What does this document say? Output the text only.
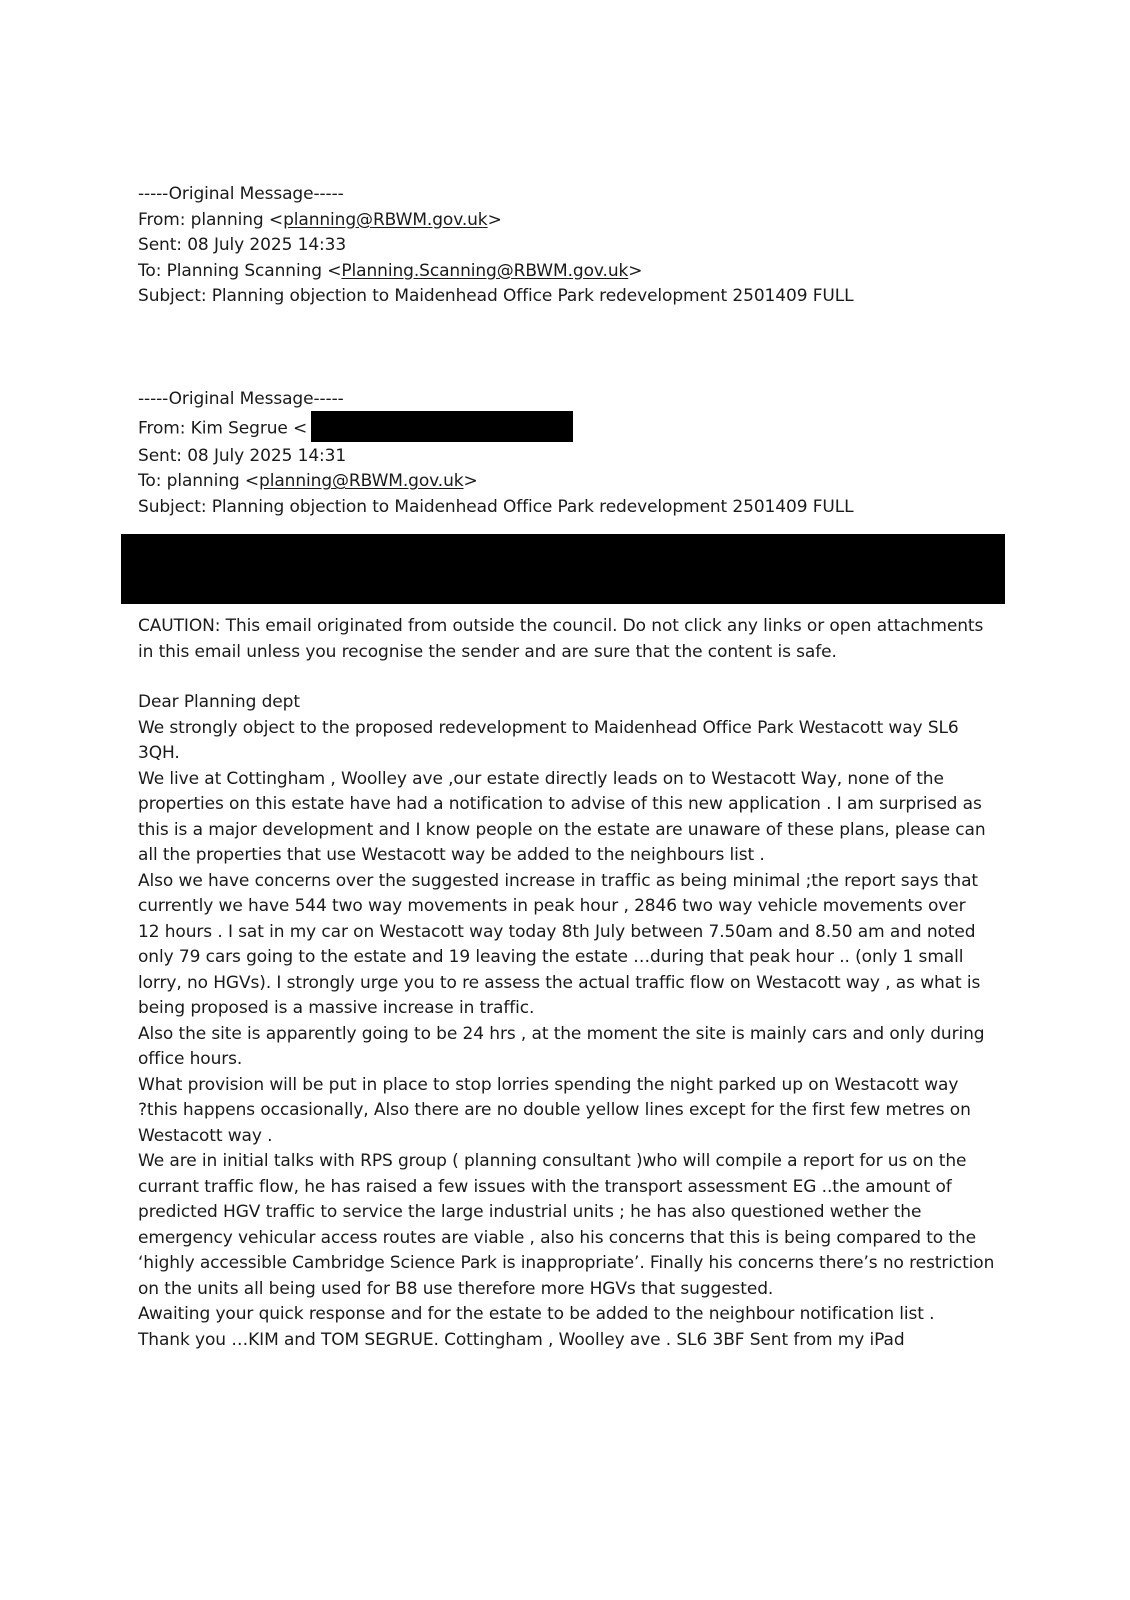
-----Original Message-----
From: planning <planning@RBWM.gov.uk>
Sent: 08 July 2025 14:33
To: Planning Scanning <Planning.Scanning@RBWM.gov.uk>
Subject: Planning objection to Maidenhead Office Park redevelopment 2501409 FULL
-----Original Message-----
From: Kim Segrue <
Sent: 08 July 2025 14:31
To: planning <planning@RBWM.gov.uk>
Subject: Planning objection to Maidenhead Office Park redevelopment 2501409 FULL
CAUTION: This email originated from outside the council. Do not click any links or open attachments
in this email unless you recognise the sender and are sure that the content is safe.
Dear Planning dept
We strongly object to the proposed redevelopment to Maidenhead Office Park Westacott way SL6
3QH.
We live at Cottingham , Woolley ave ,our estate directly leads on to Westacott Way, none of the
properties on this estate have had a notification to advise of this new application . I am surprised as
this is a major development and I know people on the estate are unaware of these plans, please can
all the properties that use Westacott way be added to the neighbours list .
Also we have concerns over the suggested increase in traffic as being minimal ;the report says that
currently we have 544 two way movements in peak hour , 2846 two way vehicle movements over
12 hours . I sat in my car on Westacott way today 8th July between 7.50am and 8.50 am and noted
only 79 cars going to the estate and 19 leaving the estate …during that peak hour .. (only 1 small
lorry, no HGVs). I strongly urge you to re assess the actual traffic flow on Westacott way , as what is
being proposed is a massive increase in traffic.
Also the site is apparently going to be 24 hrs , at the moment the site is mainly cars and only during
office hours.
What provision will be put in place to stop lorries spending the night parked up on Westacott way
?this happens occasionally, Also there are no double yellow lines except for the first few metres on
Westacott way .
We are in initial talks with RPS group ( planning consultant )who will compile a report for us on the
currant traffic flow, he has raised a few issues with the transport assessment EG ..the amount of
predicted HGV traffic to service the large industrial units ; he has also questioned wether the
emergency vehicular access routes are viable , also his concerns that this is being compared to the
‘highly accessible Cambridge Science Park is inappropriate’. Finally his concerns there’s no restriction
on the units all being used for B8 use therefore more HGVs that suggested.
Awaiting your quick response and for the estate to be added to the neighbour notification list .
Thank you …KIM and TOM SEGRUE. Cottingham , Woolley ave . SL6 3BF Sent from my iPad
